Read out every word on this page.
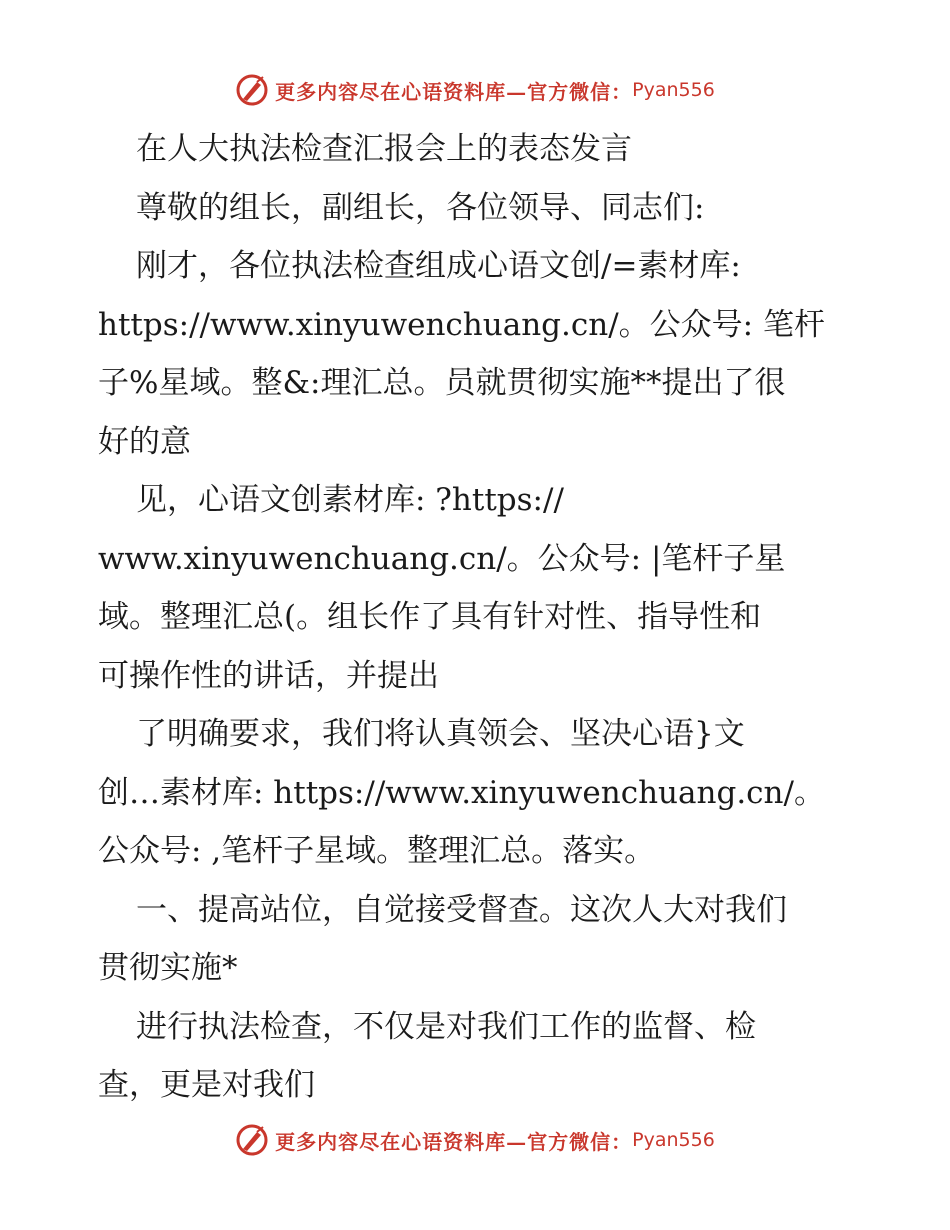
更多内容尽在心语资料库—官方微信： Pyan556
在人大执法检查汇报会上的表态发言
尊敬的组长，副组长，各位领导、同志们:
刚才，各位执法检查组成心语文创/=素材库:
https://www.xinyuwenchuang.cn/。公众号: 笔杆
子%星域。整&:理汇总。员就贯彻实施**提出了很
好的意
见，心语文创素材库: ?https://
www.xinyuwenchuang.cn/。公众号: |笔杆子星
域。整理汇总(。组长作了具有针对性、指导性和
可操作性的讲话，并提出
了明确要求，我们将认真领会、坚决心语}文
创…素材库: https://www.xinyuwenchuang.cn/。
公众号: ,笔杆子星域。整理汇总。落实。
一、提高站位，自觉接受督查。这次人大对我们
贯彻实施*
进行执法检查，不仅是对我们工作的监督、检
查，更是对我们
更多内容尽在心语资料库—官方微信： Pyan556
